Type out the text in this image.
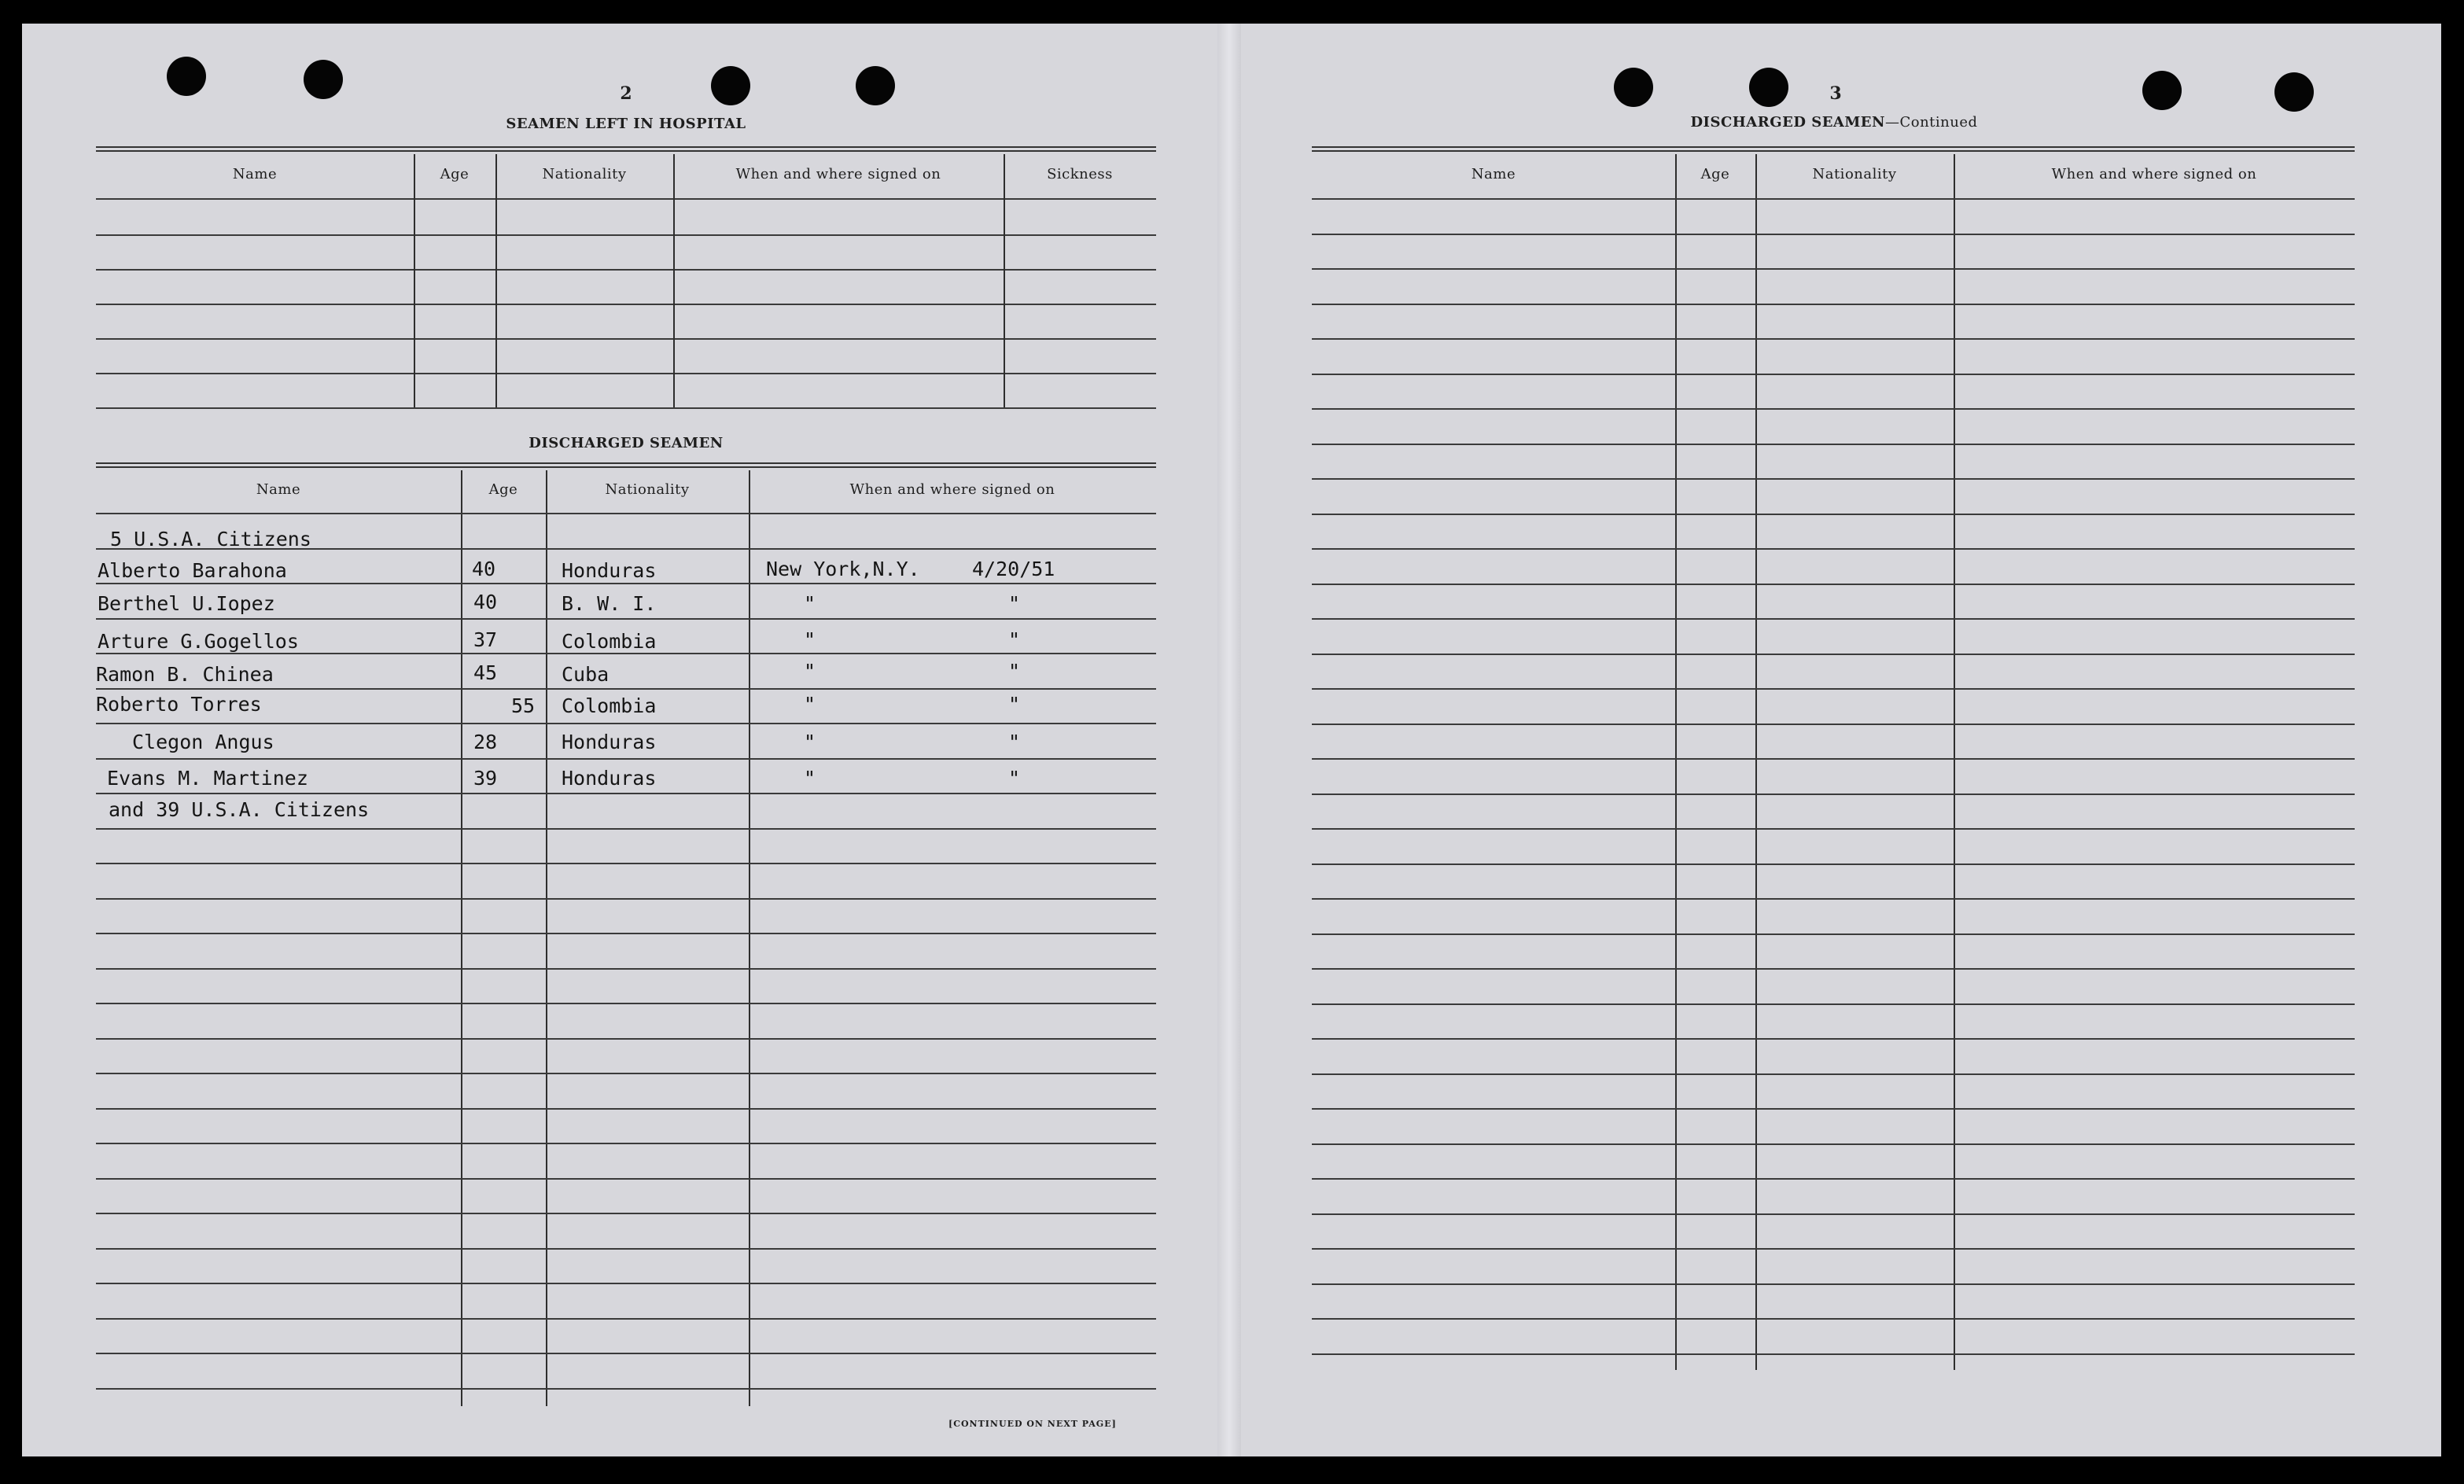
2
SEAMEN LEFT IN HOSPITAL
Name	Age	Nationality	When and where signed on	Sickness
DISCHARGED SEAMEN
Name	Age	Nationality	When and where signed on
5 U.S.A. Citizens
Alberto Barahona	40	Honduras	New York,N.Y.	4/20/51
Berthel U.Iopez	40	B. W. I.	"	"
Arture G.Gogellos	37	Colombia	"	"
Ramon B. Chinea	45	Cuba	"	"
Roberto Torres	55 Colombia	"	"
Clegon Angus	28	Honduras	"	"
Evans M. Martinez	39	Honduras	"	"
and 39 U.S.A. Citizens
[CONTINUED ON NEXT PAGE]
3
DISCHARGED SEAMEN—Continued
Name	Age	Nationality	When and where signed on
